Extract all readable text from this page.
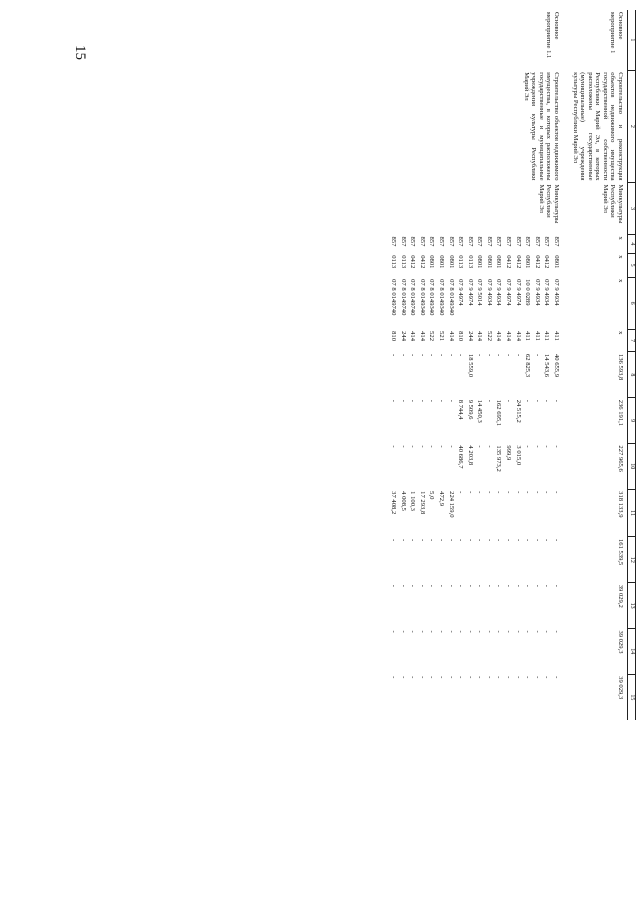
15
1	2	3	4	5	6	7	8	9	10	11	12	13	14	15
Основное мероприятие 1	Строительство и реконструкция объектов недвижимого имущества государственной собственности Республики Марий Эл, в которых расположены государственные (муниципальные) учреждения культуры Республики Марий Эл	Минкультуры Республики Марий Эл	x	x	x	x	136 593,8	236 191,1	227 965,6	318 133,9	161 539,5	39 029,2	39 029,3	39 029,3
Основное мероприятие 1.1	Строительство объектов недвижимого имущества, в которых расположены государственные и муниципальные учреждения культуры Республики Марий Эл	Минкультуры Республики Марий Эл	857	0801	07 9 4934	411	40 655,9	-	-	-	-	-	-	-
			857	0412	07 9 4934	411	14 543,6	-	-	-	-	-	-	-
			857	0412	07 9 4934	411	-	-	-	-	-	-	-	-
			857	0801	10 0 0289	411	62 825,3	-	-	-	-	-	-	-
			857	0412	07 9 4974	414	-	24 515,2	3 015,0	-	-	-	-	-
			857	0412	07 9 4974	414	-	-	999,9	-	-	-	-	-
			857	0801	07 9 4934	414	-	162 695,1	135 973,2	-	-	-	-	-
			857	0801	07 9 4934	522	-	-	-	-	-	-	-	-
			857	0801	07 9 5014	414	-	14 450,3	-	-	-	-	-	-
			857	0113	07 9 4974	244	18 559,0	9 509,6	4 203,8	-	-	-	-	-
			857	0113	07 9 4974	810	-	8 744,4	40 686,7	-	-	-	-	-
			857	0801	07 8 0149340	414	-	-	-	224 159,0	-	-	-	-
			857	0801	07 8 0149340	521	-	-	-	472,9	-	-	-	-
			857	0801	07 8 0149340	522	-	-	-	5,0	-	-	-	-
			857	0412	07 8 0149340	414	-	-	-	17 293,8	-	-	-	-
			857	0412	07 8 0149740	414	-	-	-	1 100,3	-	-	-	-
			857	0113	07 8 0149740	244	-	-	-	4 008,5	-	-	-	-
			857	0113	07 8 0149740	810	-	-	-	37 408,2	-	-	-	-
